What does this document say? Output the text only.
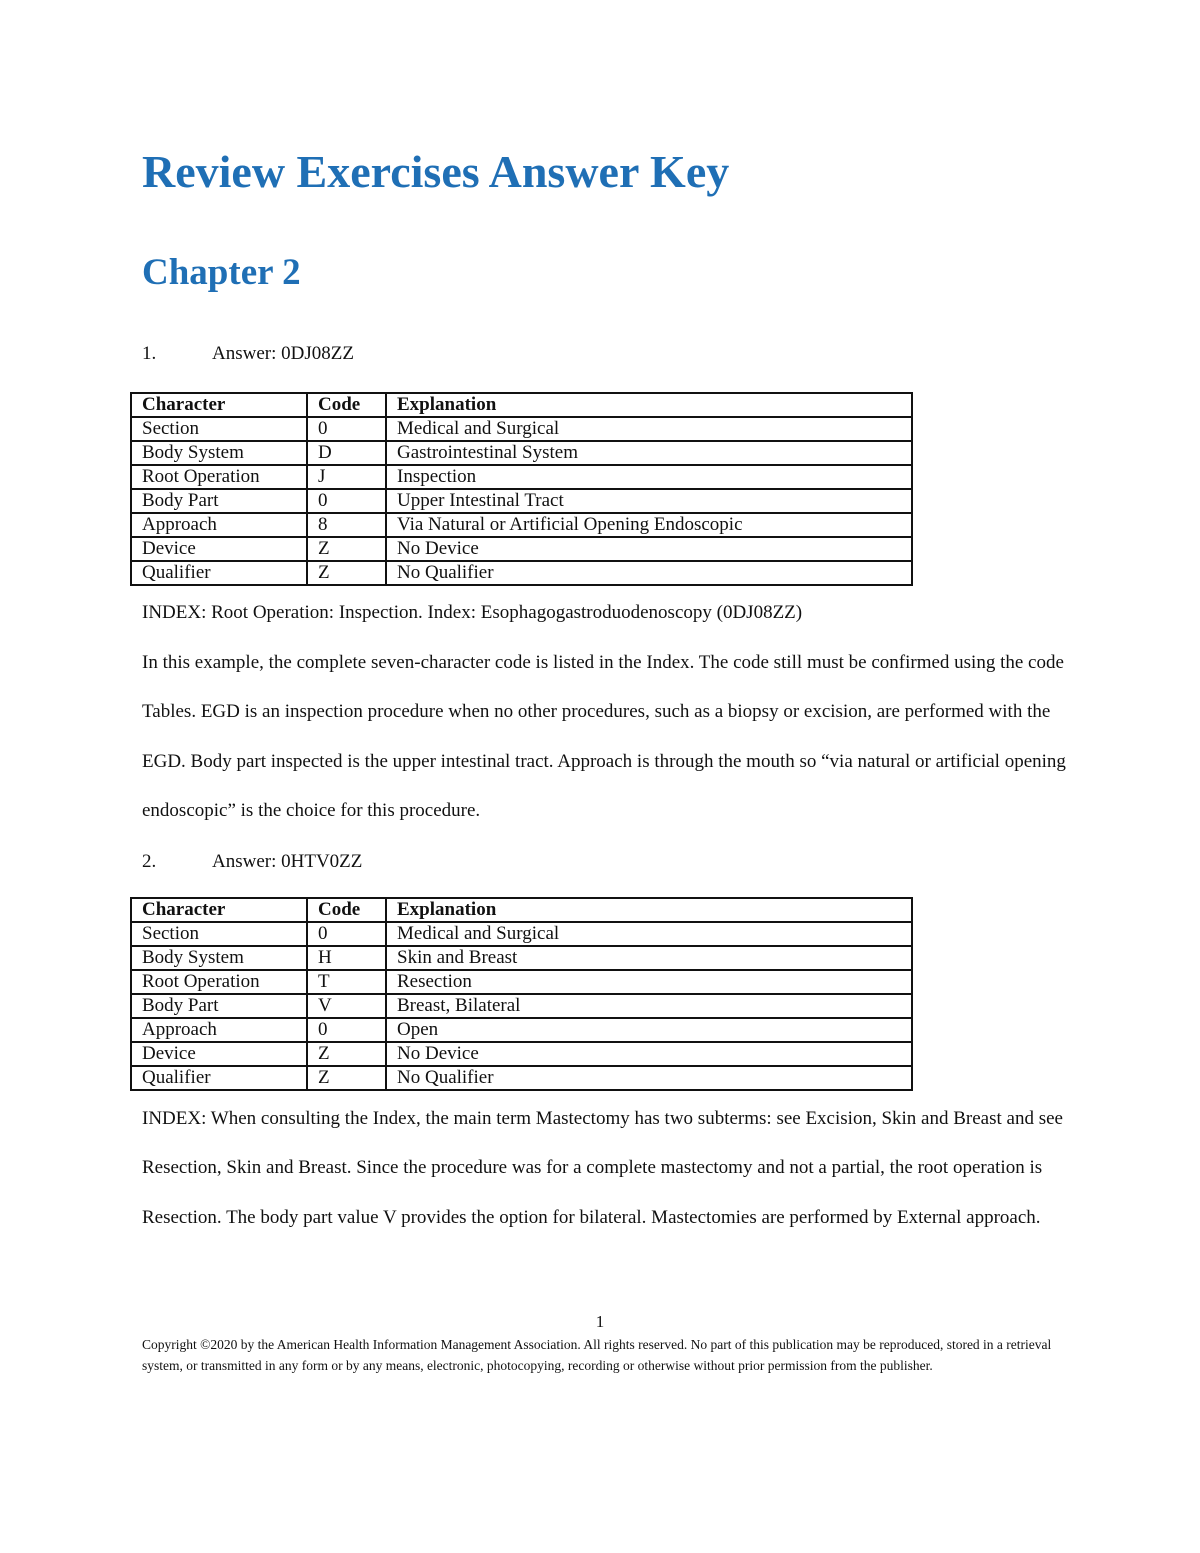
Review Exercises Answer Key
Chapter 2
1.	Answer: 0DJ08ZZ
Character	Code	Explanation
Section	0	Medical and Surgical
Body System	D	Gastrointestinal System
Root Operation	J	Inspection
Body Part	0	Upper Intestinal Tract
Approach	8	Via Natural or Artificial Opening Endoscopic
Device	Z	No Device
Qualifier	Z	No Qualifier

INDEX: Root Operation: Inspection. Index: Esophagogastroduodenoscopy (0DJ08ZZ)

In this example, the complete seven-character code is listed in the Index. The code still must be confirmed using the code Tables. EGD is an inspection procedure when no other procedures, such as a biopsy or excision, are performed with the EGD. Body part inspected is the upper intestinal tract. Approach is through the mouth so “via natural or artificial opening endoscopic” is the choice for this procedure.

2.	Answer: 0HTV0ZZ
Character	Code	Explanation
Section	0	Medical and Surgical
Body System	H	Skin and Breast
Root Operation	T	Resection
Body Part	V	Breast, Bilateral
Approach	0	Open
Device	Z	No Device
Qualifier	Z	No Qualifier

INDEX: When consulting the Index, the main term Mastectomy has two subterms: see Excision, Skin and Breast and see Resection, Skin and Breast. Since the procedure was for a complete mastectomy and not a partial, the root operation is Resection. The body part value V provides the option for bilateral. Mastectomies are performed by External approach.

1

Copyright ©2020 by the American Health Information Management Association. All rights reserved. No part of this publication may be reproduced, stored in a retrieval system, or transmitted in any form or by any means, electronic, photocopying, recording or otherwise without prior permission from the publisher.
